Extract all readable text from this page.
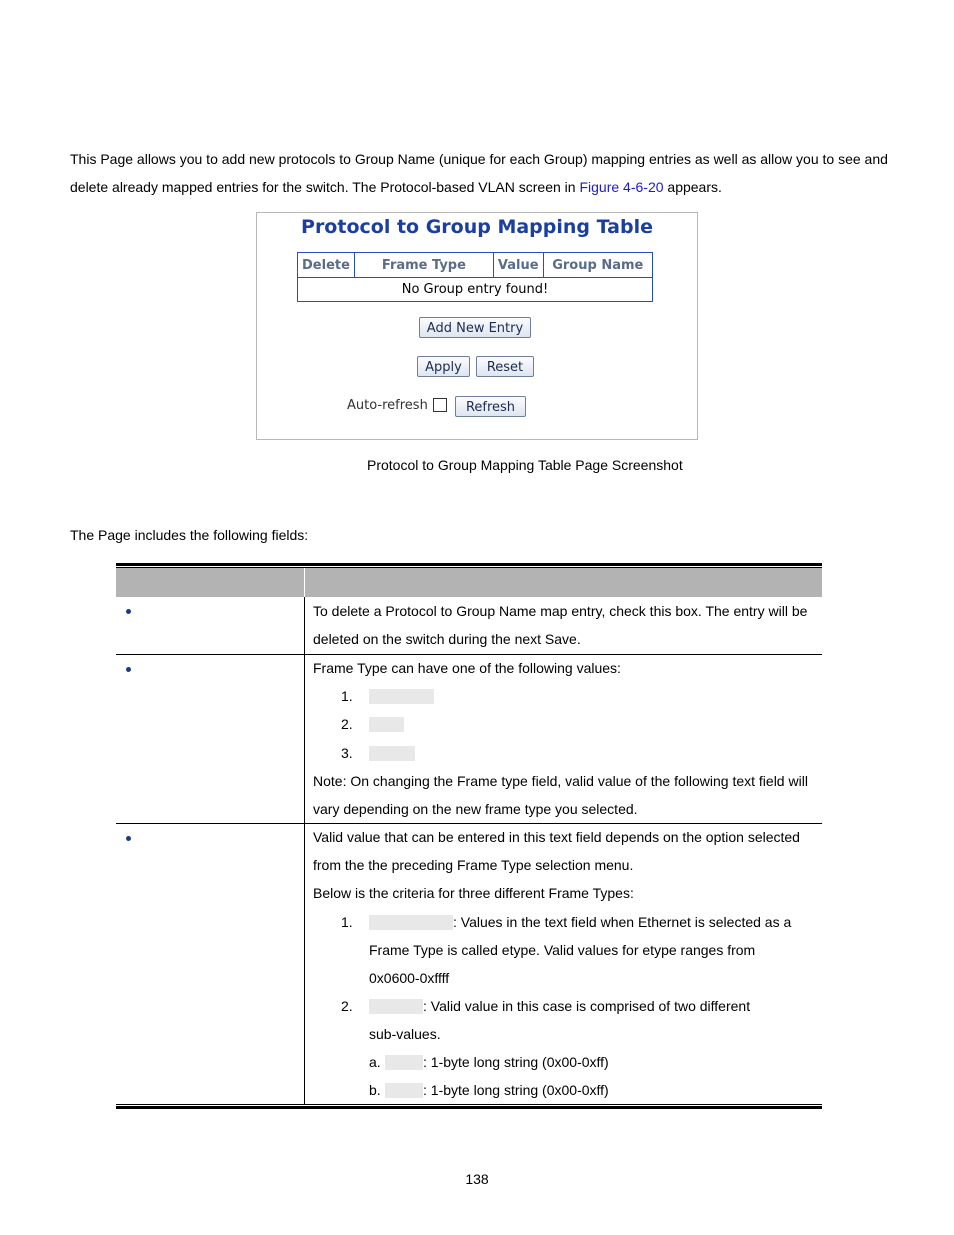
This Page allows you to add new protocols to Group Name (unique for each Group) mapping entries as well as allow you to see and delete already mapped entries for the switch. The Protocol-based VLAN screen in Figure 4-6-20 appears.
Protocol to Group Mapping Table
Delete	Frame Type	Value	Group Name
No Group entry found!
Add New Entry
Apply	Reset
Auto-refresh	Refresh
Protocol to Group Mapping Table Page Screenshot
The Page includes the following fields:
To delete a Protocol to Group Name map entry, check this box. The entry will be
deleted on the switch during the next Save.
Frame Type can have one of the following values:
1.
2.
3.
Note: On changing the Frame type field, valid value of the following text field will
vary depending on the new frame type you selected.
Valid value that can be entered in this text field depends on the option selected
from the the preceding Frame Type selection menu.
Below is the criteria for three different Frame Types:
1.	: Values in the text field when Ethernet is selected as a
Frame Type is called etype. Valid values for etype ranges from
0x0600-0xffff
2.	: Valid value in this case is comprised of two different
sub-values.
a.	: 1-byte long string (0x00-0xff)
b.	: 1-byte long string (0x00-0xff)
138
